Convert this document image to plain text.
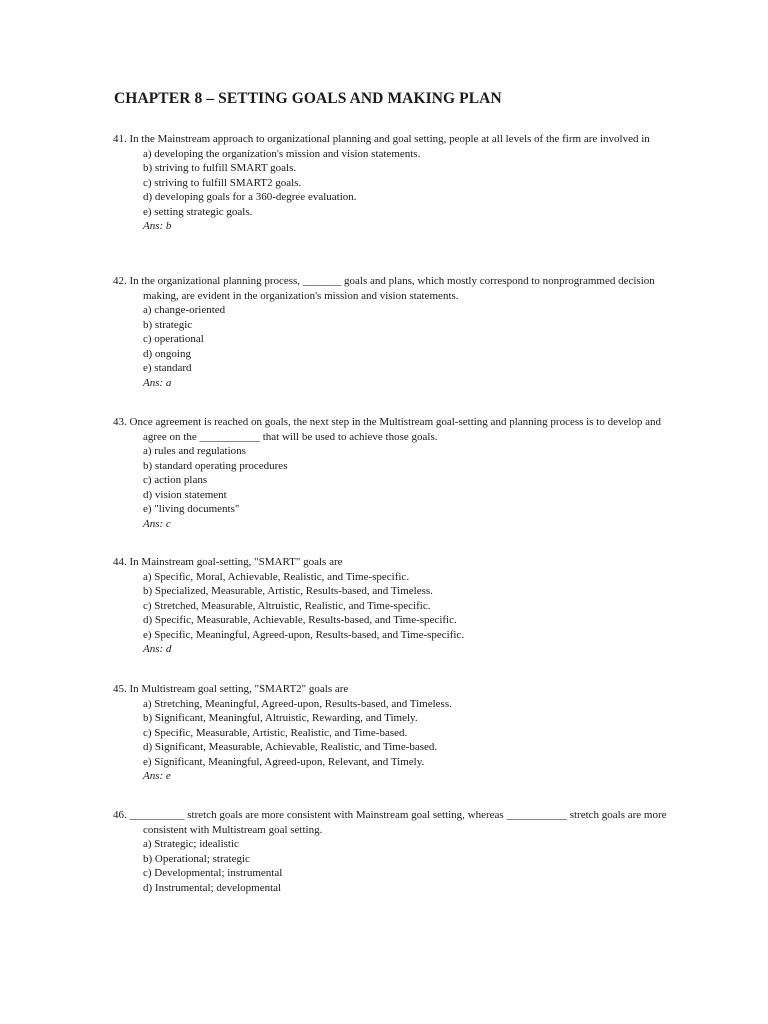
CHAPTER 8 – SETTING GOALS AND MAKING PLAN
41. In the Mainstream approach to organizational planning and goal setting, people at all levels of the firm are involved in
a) developing the organization's mission and vision statements.
b) striving to fulfill SMART goals.
c) striving to fulfill SMART2 goals.
d) developing goals for a 360-degree evaluation.
e) setting strategic goals.
Ans: b
42. In the organizational planning process, _______ goals and plans, which mostly correspond to nonprogrammed decision making, are evident in the organization's mission and vision statements.
a) change-oriented
b) strategic
c) operational
d) ongoing
e) standard
Ans: a
43. Once agreement is reached on goals, the next step in the Multistream goal-setting and planning process is to develop and agree on the ___________ that will be used to achieve those goals.
a) rules and regulations
b) standard operating procedures
c) action plans
d) vision statement
e) "living documents"
Ans: c
44. In Mainstream goal-setting, "SMART" goals are
a) Specific, Moral, Achievable, Realistic, and Time-specific.
b) Specialized, Measurable, Artistic, Results-based, and Timeless.
c) Stretched, Measurable, Altruistic, Realistic, and Time-specific.
d) Specific, Measurable, Achievable, Results-based, and Time-specific.
e) Specific, Meaningful, Agreed-upon, Results-based, and Time-specific.
Ans: d
45. In Multistream goal setting, "SMART2" goals are
a) Stretching, Meaningful, Agreed-upon, Results-based, and Timeless.
b) Significant, Meaningful, Altruistic, Rewarding, and Timely.
c) Specific, Measurable, Artistic, Realistic, and Time-based.
d) Significant, Measurable, Achievable, Realistic, and Time-based.
e) Significant, Meaningful, Agreed-upon, Relevant, and Timely.
Ans: e
46. __________ stretch goals are more consistent with Mainstream goal setting, whereas ___________ stretch goals are more consistent with Multistream goal setting.
a) Strategic; idealistic
b) Operational; strategic
c) Developmental; instrumental
d) Instrumental; developmental
